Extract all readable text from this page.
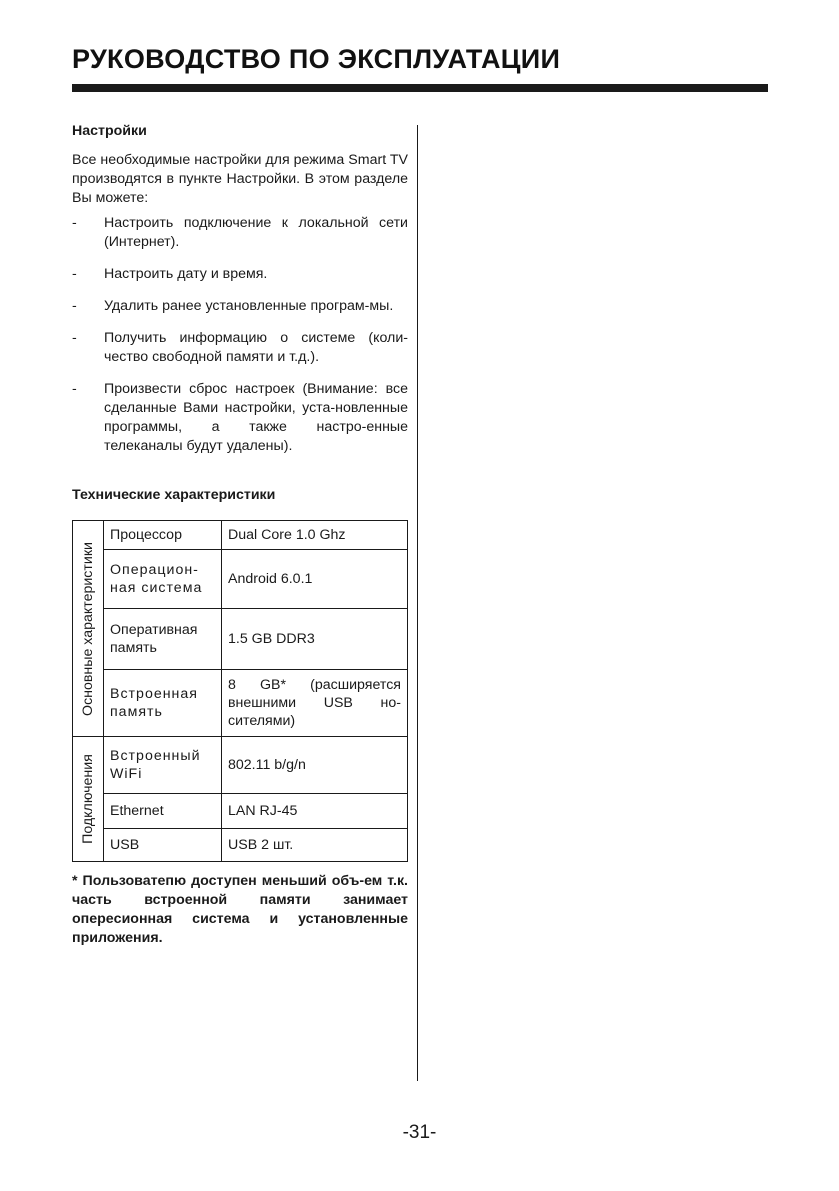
РУКОВОДСТВО ПО ЭКСПЛУАТАЦИИ

Настройки

Все необходимые настройки для режима Smart TV производятся в пункте Настройки. В этом разделе Вы можете:

- Настроить подключение к локальной сети (Интернет).
- Настроить дату и время.
- Удалить ранее установленные програм-мы.
- Получить информацию о системе (коли-чество свободной памяти и т.д.).
- Произвести сброс настроек (Внимание: все сделанные Вами настройки, уста-новленные программы, а также настро-енные телеканалы будут удалены).

Технические характеристики

Основные характеристики	Процессор	Dual Core 1.0 Ghz
	Операцион-ная система	Android 6.0.1
	Оперативная память	1.5 GB DDR3
	Встроенная память	8 GB* (расширяется внешними USB но-сителями)

Подключения	Встроенный WiFi	802.11 b/g/n
	Ethernet	LAN RJ-45
	USB	USB 2 шт.

* Пользоватепю доступен меньший объ-ем т.к. часть встроенной памяти занимает оперecионная система и установленные приложения.

-31-
